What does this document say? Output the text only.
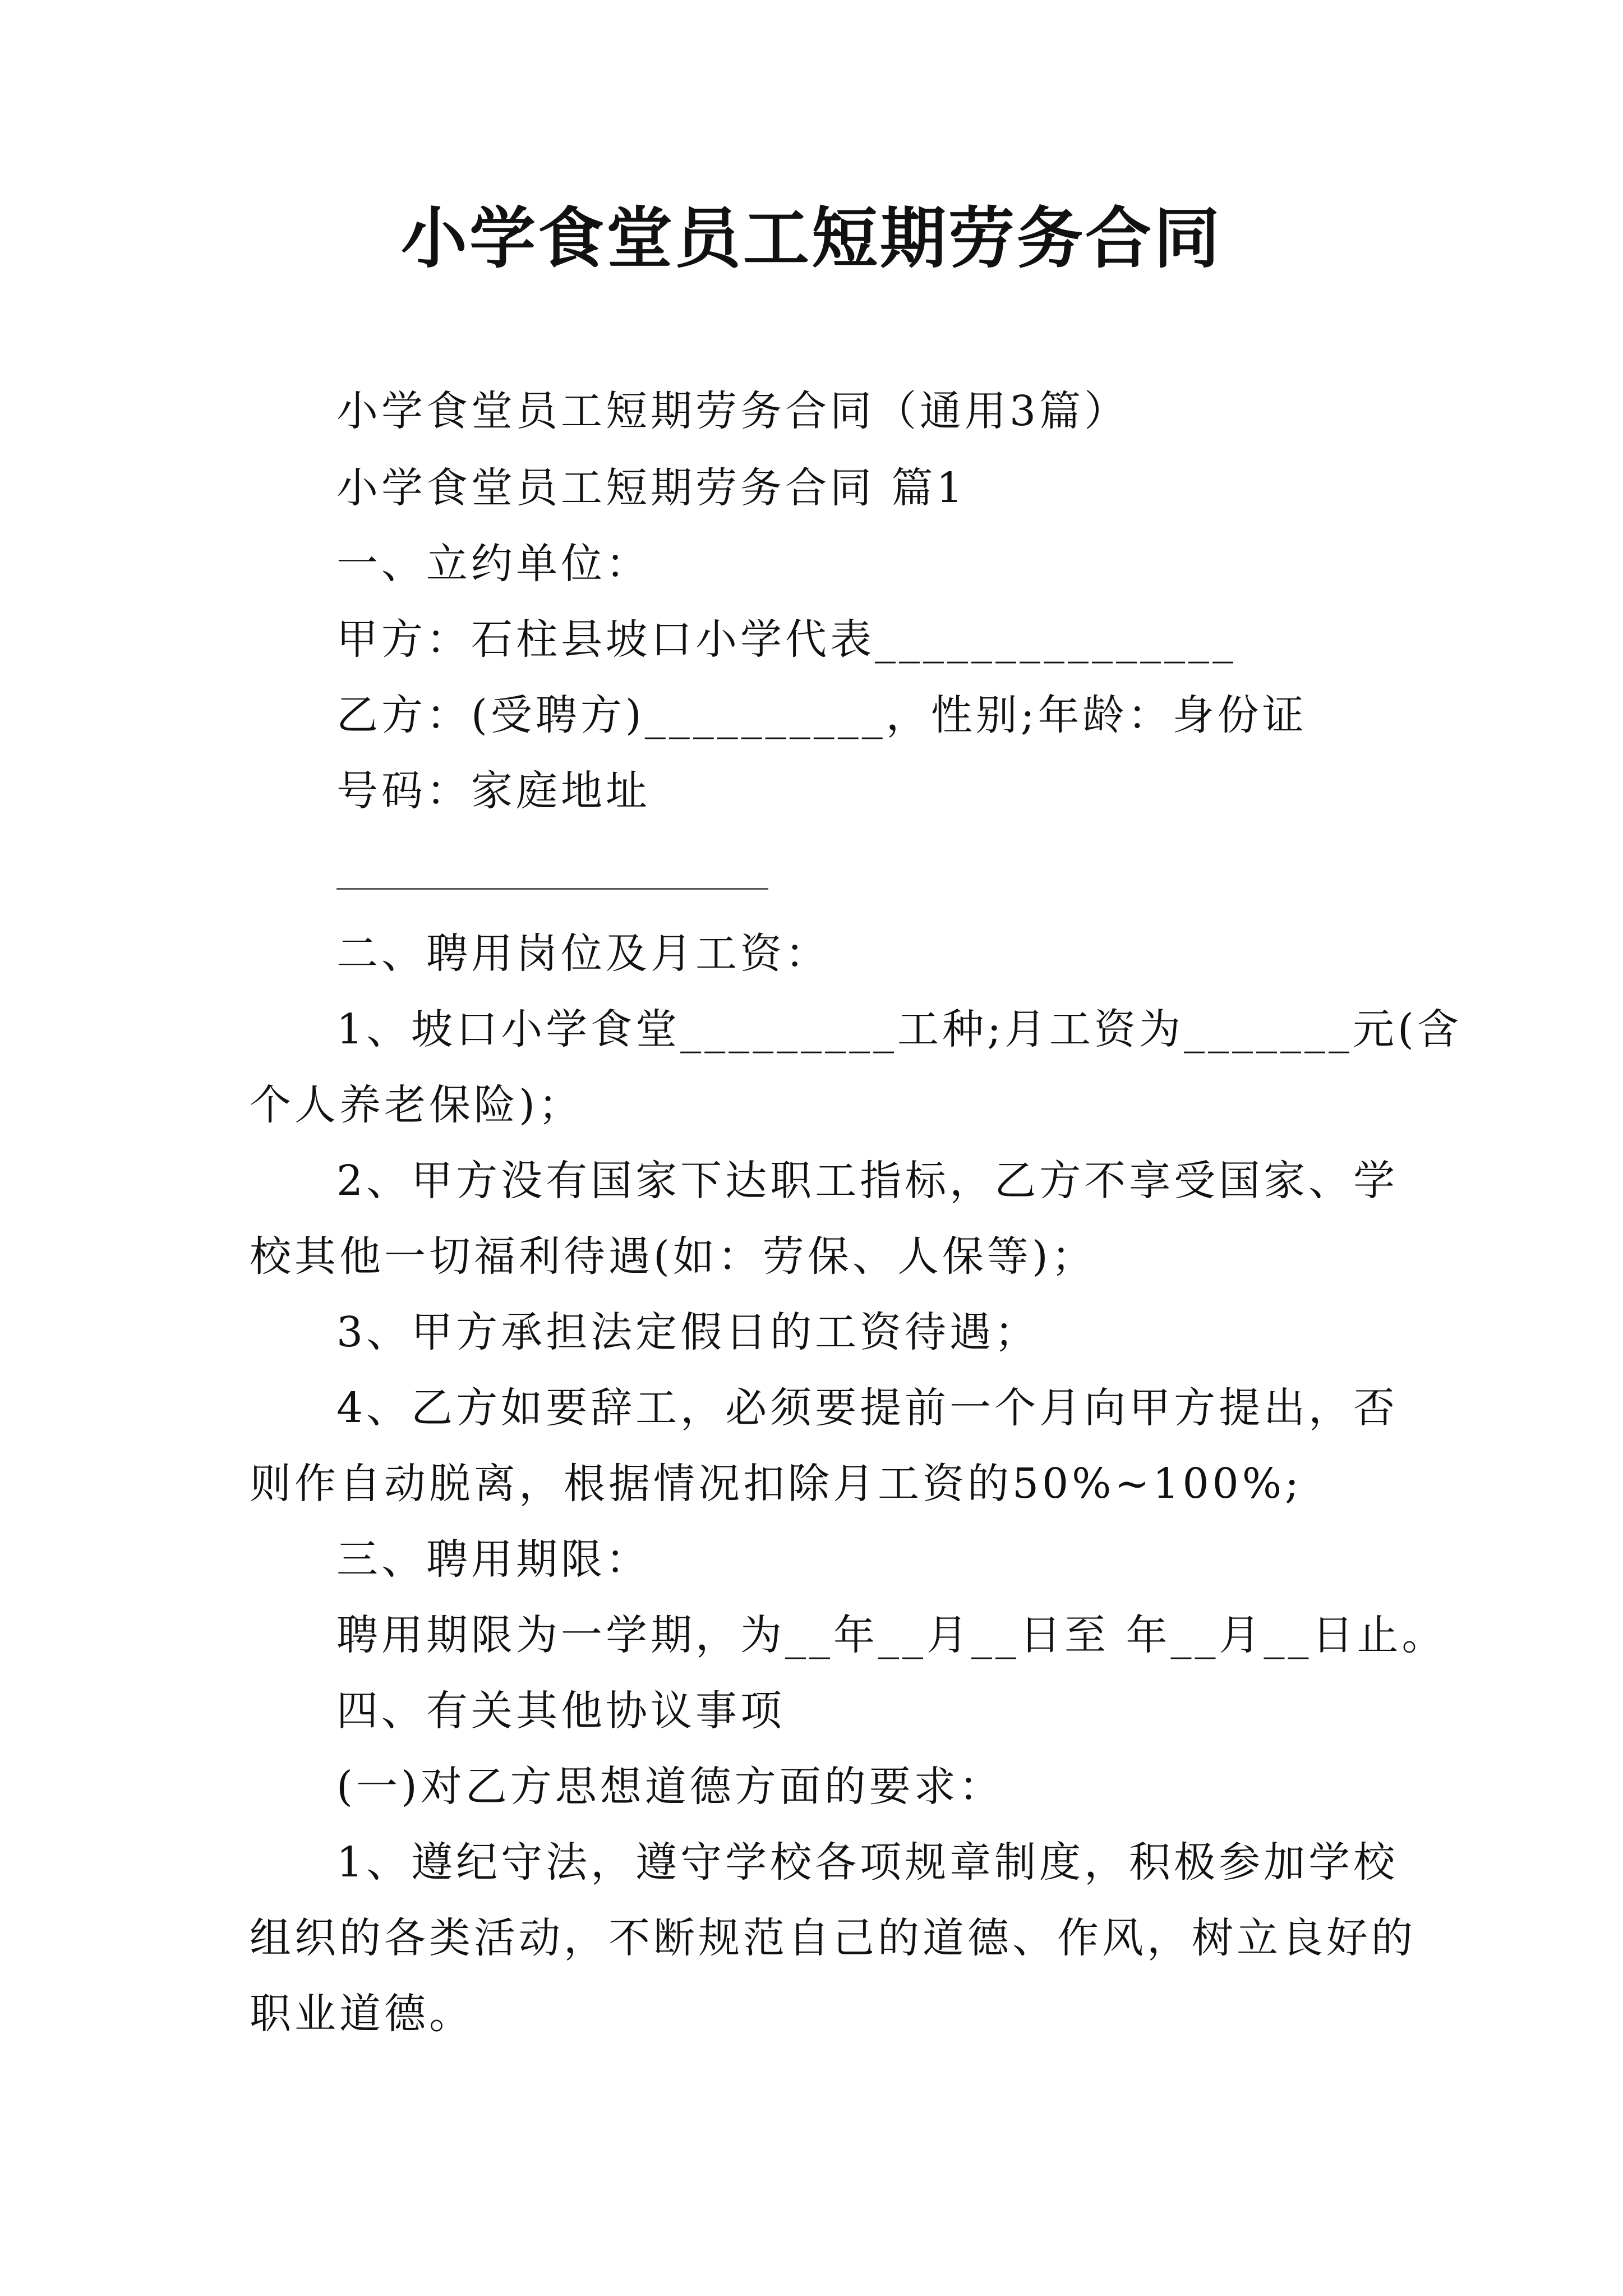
小学食堂员工短期劳务合同
小学食堂员工短期劳务合同（通用3篇）
小学食堂员工短期劳务合同 篇1
一、立约单位：
甲方：石柱县坡口小学代表_______________
乙方：(受聘方)__________，性别;年龄：身份证
号码：家庭地址
二、聘用岗位及月工资：
1、坡口小学食堂_________工种;月工资为_______元(含
个人养老保险)；
2、甲方没有国家下达职工指标，乙方不享受国家、学
校其他一切福利待遇(如：劳保、人保等)；
3、甲方承担法定假日的工资待遇；
4、乙方如要辞工，必须要提前一个月向甲方提出，否
则作自动脱离，根据情况扣除月工资的50%~100%;
三、聘用期限：
聘用期限为一学期，为__年__月__日至 年__月__日止。
四、有关其他协议事项
(一)对乙方思想道德方面的要求：
1、遵纪守法，遵守学校各项规章制度，积极参加学校
组织的各类活动，不断规范自己的道德、作风，树立良好的
职业道德。
